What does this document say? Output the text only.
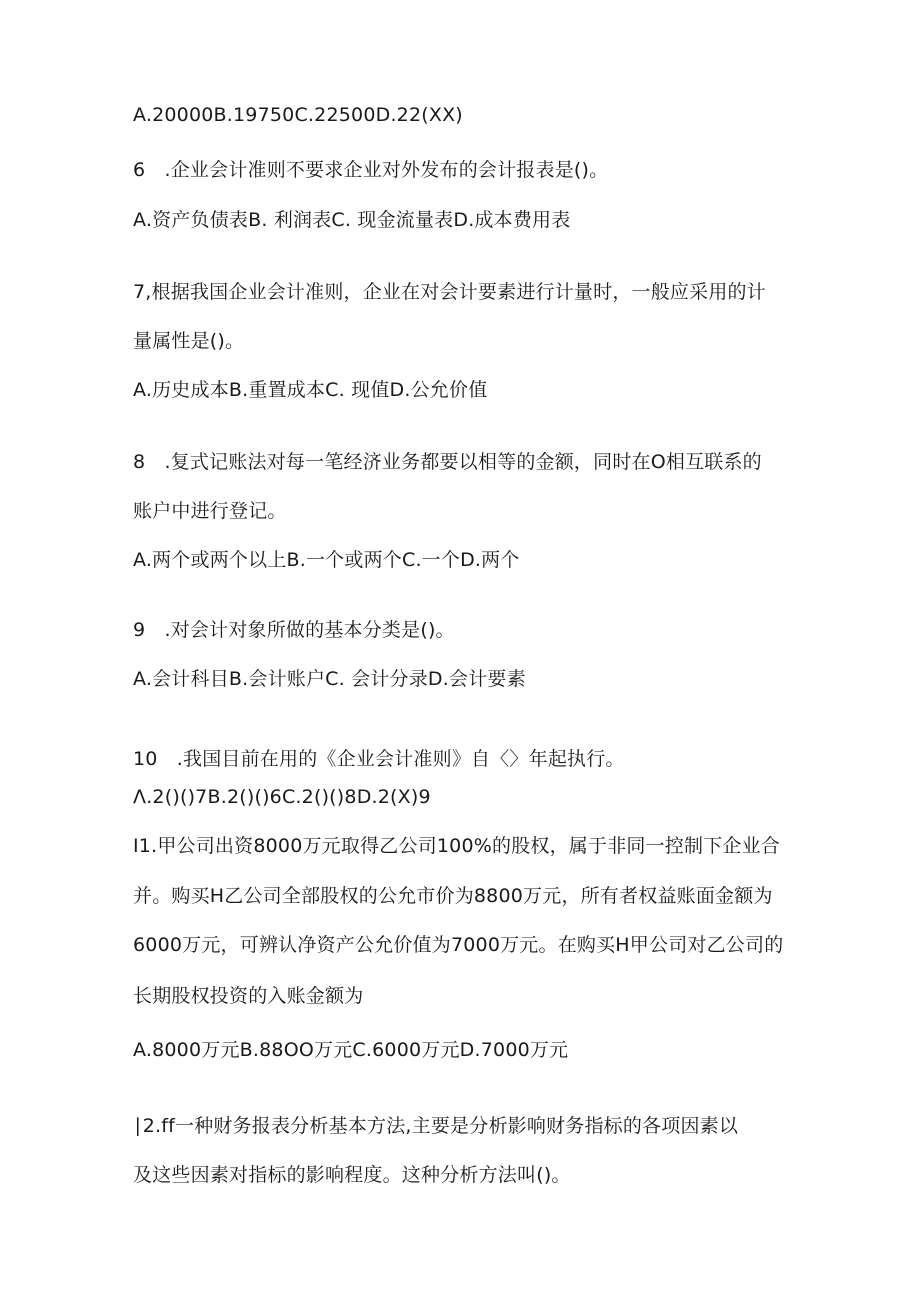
A.20000B.19750C.22500D.22(XX)
6　.企业会计准则不要求企业对外发布的会计报表是()。
A.资产负债表B. 利润表C. 现金流量表D.成本费用表
7,根据我国企业会计准则，企业在对会计要素进行计量时，一般应采用的计
量属性是()。
A.历史成本B.重置成本C. 现值D.公允价值
8　.复式记账法对每一笔经济业务都要以相等的金额，同时在O相互联系的
账户中进行登记。
A.两个或两个以上B.一个或两个C.一个D.两个
9　.对会计对象所做的基本分类是()。
A.会计科目B.会计账户C. 会计分录D.会计要素
10　.我国目前在用的《企业会计准则》自〈〉年起执行。
Λ.2()()7B.2()()6C.2()()8D.2(X)9
I1.甲公司出资8000万元取得乙公司100%的股权，属于非同一控制下企业合
并。购买H乙公司全部股权的公允市价为8800万元，所有者权益账面金额为
6000万元，可辨认净资产公允价值为7000万元。在购买H甲公司对乙公司的
长期股权投资的入账金额为
A.8000万元B.88OO万元C.6000万元D.7000万元
∣2.ff一种财务报表分析基本方法,主要是分析影响财务指标的各项因素以
及这些因素对指标的影响程度。这种分析方法叫()。
